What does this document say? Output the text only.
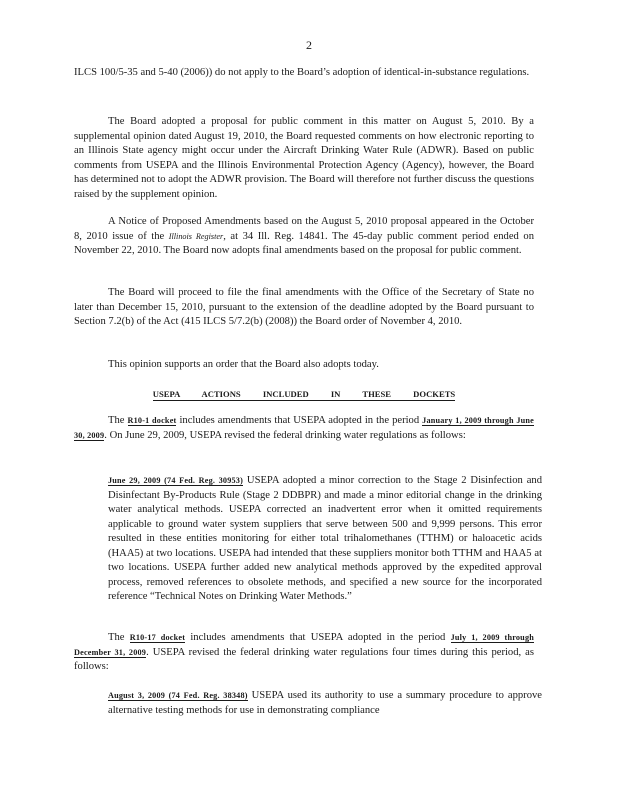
2

ILCS 100/5-35 and 5-40 (2006)) do not apply to the Board’s adoption of identical-in-substance regulations.

The Board adopted a proposal for public comment in this matter on August 5, 2010. By a supplemental opinion dated August 19, 2010, the Board requested comments on how electronic reporting to an Illinois State agency might occur under the Aircraft Drinking Water Rule (ADWR). Based on public comments from USEPA and the Illinois Environmental Protection Agency (Agency), however, the Board has determined not to adopt the ADWR provision. The Board will therefore not further discuss the questions raised by the supplement opinion.

A Notice of Proposed Amendments based on the August 5, 2010 proposal appeared in the October 8, 2010 issue of the Illinois Register, at 34 Ill. Reg. 14841. The 45-day public comment period ended on November 22, 2010. The Board now adopts final amendments based on the proposal for public comment.

The Board will proceed to file the final amendments with the Office of the Secretary of State no later than December 15, 2010, pursuant to the extension of the deadline adopted by the Board pursuant to Section 7.2(b) of the Act (415 ILCS 5/7.2(b) (2008)) the Board order of November 4, 2010.

This opinion supports an order that the Board also adopts today.

USEPA ACTIONS INCLUDED IN THESE DOCKETS

The R10-1 docket includes amendments that USEPA adopted in the period January 1, 2009 through June 30, 2009. On June 29, 2009, USEPA revised the federal drinking water regulations as follows:

June 29, 2009 (74 Fed. Reg. 30953) USEPA adopted a minor correction to the Stage 2 Disinfection and Disinfectant By-Products Rule (Stage 2 DDBPR) and made a minor editorial change in the drinking water analytical methods. USEPA corrected an inadvertent error when it omitted requirements applicable to ground water system suppliers that serve between 500 and 9,999 persons. This error resulted in these entities monitoring for either total trihalomethanes (TTHM) or haloacetic acids (HAA5) at two locations. USEPA had intended that these suppliers monitor both TTHM and HAA5 at two locations. USEPA further added new analytical methods approved by the expedited approval process, removed references to obsolete methods, and specified a new source for the incorporated reference “Technical Notes on Drinking Water Methods.”

The R10-17 docket includes amendments that USEPA adopted in the period July 1, 2009 through December 31, 2009. USEPA revised the federal drinking water regulations four times during this period, as follows:

August 3, 2009 (74 Fed. Reg. 38348) USEPA used its authority to use a summary procedure to approve alternative testing methods for use in demonstrating compliance
